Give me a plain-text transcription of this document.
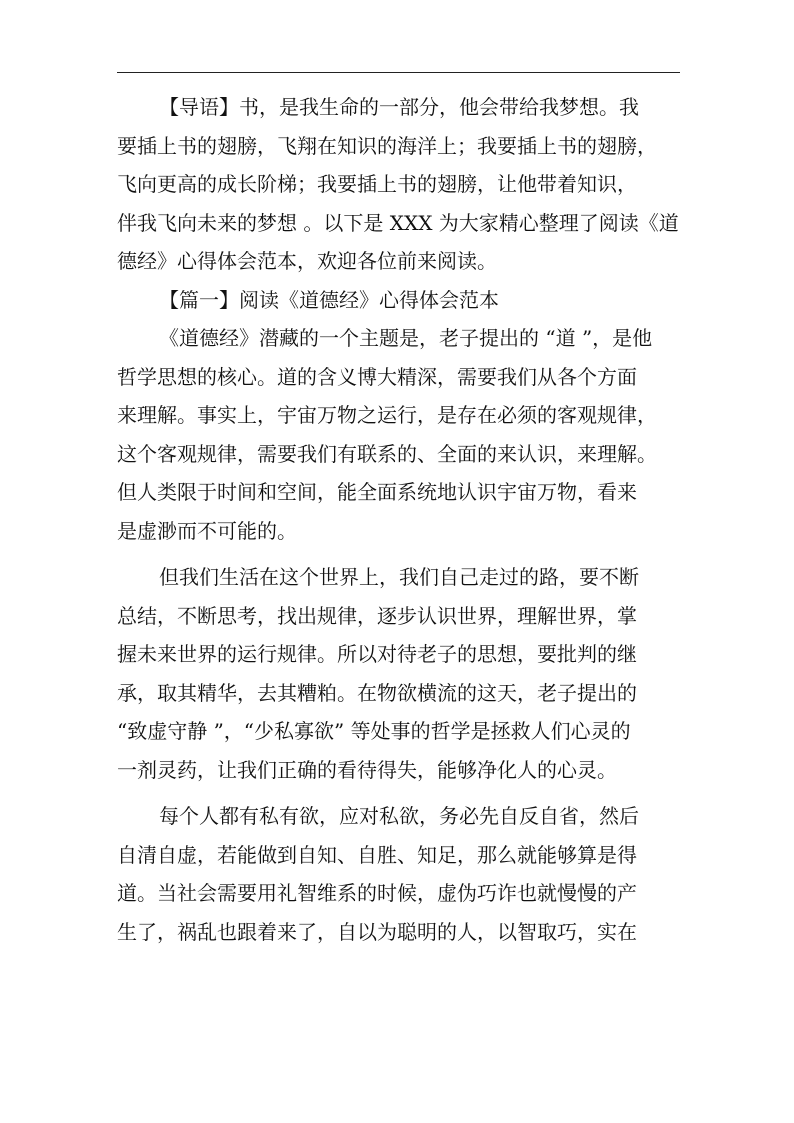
【导语】书，是我生命的一部分，他会带给我梦想。我
要插上书的翅膀，飞翔在知识的海洋上；我要插上书的翅膀，
飞向更高的成长阶梯；我要插上书的翅膀，让他带着知识，
伴我飞向未来的梦想 。以下是 XXX 为大家精心整理了阅读《道
德经》心得体会范本，欢迎各位前来阅读。
【篇一】阅读《道德经》心得体会范本
《道德经》潜藏的一个主题是，老子提出的 “道 ”，是他
哲学思想的核心。道的含义博大精深，需要我们从各个方面
来理解。事实上，宇宙万物之运行，是存在必须的客观规律，
这个客观规律，需要我们有联系的、全面的来认识，来理解。
但人类限于时间和空间，能全面系统地认识宇宙万物，看来
是虚渺而不可能的。
但我们生活在这个世界上，我们自己走过的路，要不断
总结，不断思考，找出规律，逐步认识世界，理解世界，掌
握未来世界的运行规律。所以对待老子的思想，要批判的继
承，取其精华，去其糟粕。在物欲横流的这天，老子提出的
“致虚守静 ”，“少私寡欲” 等处事的哲学是拯救人们心灵的
一剂灵药，让我们正确的看待得失，能够净化人的心灵。
每个人都有私有欲，应对私欲，务必先自反自省，然后
自清自虚，若能做到自知、自胜、知足，那么就能够算是得
道。当社会需要用礼智维系的时候，虚伪巧诈也就慢慢的产
生了，祸乱也跟着来了，自以为聪明的人，以智取巧，实在
